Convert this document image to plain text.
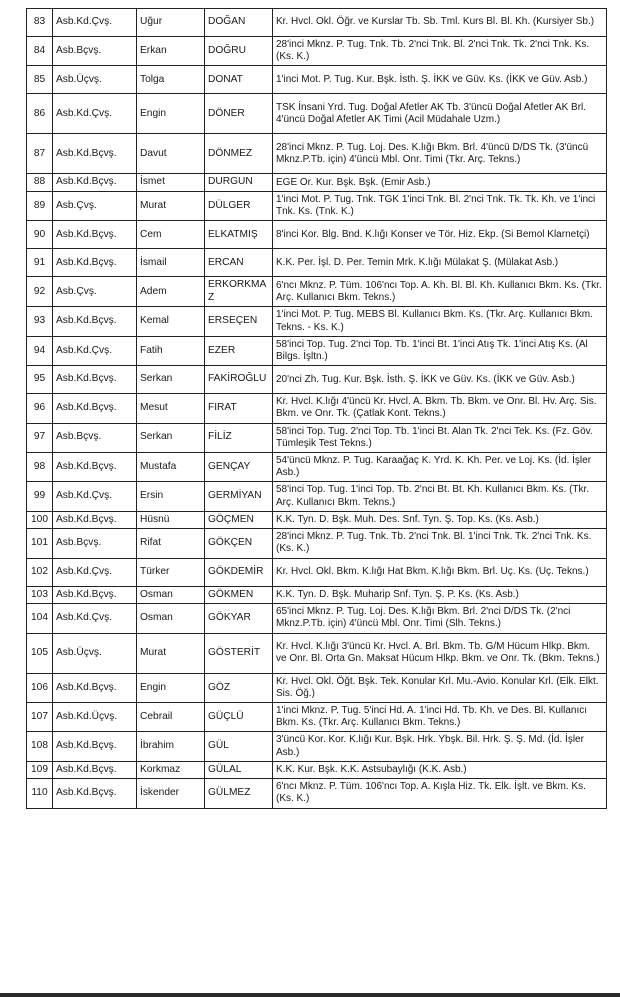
83	Asb.Kd.Çvş.	Uğur	DOĞAN	Kr. Hvcl. Okl. Öğr. ve Kurslar Tb. Sb. Tml. Kurs Bl. Bl. Kh. (Kursiyer Sb.)
84	Asb.Bçvş.	Erkan	DOĞRU	28'inci Mknz. P. Tug. Tnk. Tb. 2'nci Tnk. Bl. 2'nci Tnk. Tk. 2'nci Tnk. Ks. (Ks. K.)
85	Asb.Üçvş.	Tolga	DONAT	1'inci Mot. P. Tug. Kur. Bşk. İsth. Ş. İKK ve Güv. Ks. (İKK ve Güv. Asb.)
86	Asb.Kd.Çvş.	Engin	DÖNER	TSK İnsani Yrd. Tug. Doğal Afetler AK Tb. 3'üncü Doğal Afetler AK Brl. 4'üncü Doğal Afetler AK Timi (Acil Müdahale Uzm.)
87	Asb.Kd.Bçvş.	Davut	DÖNMEZ	28'inci Mknz. P. Tug. Loj. Des. K.lığı Bkm. Brl. 4'üncü D/DS Tk. (3'üncü Mknz.P.Tb. için) 4'üncü Mbl. Onr. Timi (Tkr. Arç. Tekns.)
88	Asb.Kd.Bçvş.	İsmet	DURGUN	EGE Or. Kur. Bşk. Bşk. (Emir Asb.)
89	Asb.Çvş.	Murat	DÜLGER	1'inci Mot. P. Tug. Tnk. TGK 1'inci Tnk. Bl. 2'nci Tnk. Tk. Tk. Kh. ve 1'inci Tnk. Ks. (Tnk. K.)
90	Asb.Kd.Bçvş.	Cem	ELKATMIŞ	8'inci Kor. Blg. Bnd. K.lığı Konser ve Tör. Hiz. Ekp. (Si Bemol Klarnetçi)
91	Asb.Kd.Bçvş.	İsmail	ERCAN	K.K. Per. İşl. D. Per. Temin Mrk. K.lığı Mülakat Ş. (Mülakat Asb.)
92	Asb.Çvş.	Adem	ERKORKMAZ	6'ncı Mknz. P. Tüm. 106'ncı Top. A. Kh. Bl. Bl. Kh. Kullanıcı Bkm. Ks. (Tkr. Arç. Kullanıcı Bkm. Tekns.)
93	Asb.Kd.Bçvş.	Kemal	ERSEÇEN	1'inci Mot. P. Tug. MEBS Bl. Kullanıcı Bkm. Ks. (Tkr. Arç. Kullanıcı Bkm. Tekns. - Ks. K.)
94	Asb.Kd.Çvş.	Fatih	EZER	58'inci Top. Tug. 2'nci Top. Tb. 1'inci Bt. 1'inci Atış Tk. 1'inci Atış Ks. (Al Bilgs. İşltn.)
95	Asb.Kd.Bçvş.	Serkan	FAKİROĞLU	20'nci Zh. Tug. Kur. Bşk. İsth. Ş. İKK ve Güv. Ks. (İKK ve Güv. Asb.)
96	Asb.Kd.Bçvş.	Mesut	FIRAT	Kr. Hvcl. K.lığı 4'üncü Kr. Hvcl. A. Bkm. Tb. Bkm. ve Onr. Bl. Hv. Arç. Sis. Bkm. ve Onr. Tk. (Çatlak Kont. Tekns.)
97	Asb.Bçvş.	Serkan	FİLİZ	58'inci Top. Tug. 2'nci Top. Tb. 1'inci Bt. Alan Tk. 2'nci Tek. Ks. (Fz. Göv. Tümleşik Test Tekns.)
98	Asb.Kd.Bçvş.	Mustafa	GENÇAY	54'üncü Mknz. P. Tug. Karaağaç K. Yrd. K. Kh. Per. ve Loj. Ks. (İd. İşler Asb.)
99	Asb.Kd.Çvş.	Ersin	GERMİYAN	58'inci Top. Tug. 1'inci Top. Tb. 2'nci Bt. Bt. Kh. Kullanıcı Bkm. Ks. (Tkr. Arç. Kullanıcı Bkm. Tekns.)
100	Asb.Kd.Bçvş.	Hüsnü	GÖÇMEN	K.K. Tyn. D. Bşk. Muh. Des. Snf. Tyn. Ş. Top. Ks. (Ks. Asb.)
101	Asb.Bçvş.	Rifat	GÖKÇEN	28'inci Mknz. P. Tug. Tnk. Tb. 2'nci Tnk. Bl. 1'inci Tnk. Tk. 2'nci Tnk. Ks. (Ks. K.)
102	Asb.Kd.Çvş.	Türker	GÖKDEMİR	Kr. Hvcl. Okl. Bkm. K.lığı Hat Bkm. K.lığı Bkm. Brl. Uç. Ks. (Uç. Tekns.)
103	Asb.Kd.Bçvş.	Osman	GÖKMEN	K.K. Tyn. D. Bşk. Muharip Snf. Tyn. Ş. P. Ks. (Ks. Asb.)
104	Asb.Kd.Çvş.	Osman	GÖKYAR	65'inci Mknz. P. Tug. Loj. Des. K.lığı Bkm. Brl. 2'nci D/DS Tk. (2'nci Mknz.P.Tb. için) 4'üncü Mbl. Onr. Timi (Slh. Tekns.)
105	Asb.Üçvş.	Murat	GÖSTERİT	Kr. Hvcl. K.lığı 3'üncü Kr. Hvcl. A. Brl. Bkm. Tb. G/M Hücum Hlkp. Bkm. ve Onr. Bl. Orta Gn. Maksat Hücum Hlkp. Bkm. ve Onr. Tk. (Bkm. Tekns.)
106	Asb.Kd.Bçvş.	Engin	GÖZ	Kr. Hvcl. Okl. Öğt. Bşk. Tek. Konular Krl. Mu.-Avio. Konular Krl. (Elk. Elkt. Sis. Öğ.)
107	Asb.Kd.Üçvş.	Cebrail	GÜÇLÜ	1'inci Mknz. P. Tug. 5'inci Hd. A. 1'inci Hd. Tb. Kh. ve Des. Bl. Kullanıcı Bkm. Ks. (Tkr. Arç. Kullanıcı Bkm. Tekns.)
108	Asb.Kd.Bçvş.	İbrahim	GÜL	3'üncü Kor. Kor. K.lığı Kur. Bşk. Hrk. Ybşk. Bil. Hrk. Ş. Ş. Md. (İd. İşler Asb.)
109	Asb.Kd.Bçvş.	Korkmaz	GÜLAL	K.K. Kur. Bşk. K.K. Astsubaylığı (K.K. Asb.)
110	Asb.Kd.Bçvş.	İskender	GÜLMEZ	6'ncı Mknz. P. Tüm. 106'ncı Top. A. Kışla Hiz. Tk. Elk. İşlt. ve Bkm. Ks. (Ks. K.)
